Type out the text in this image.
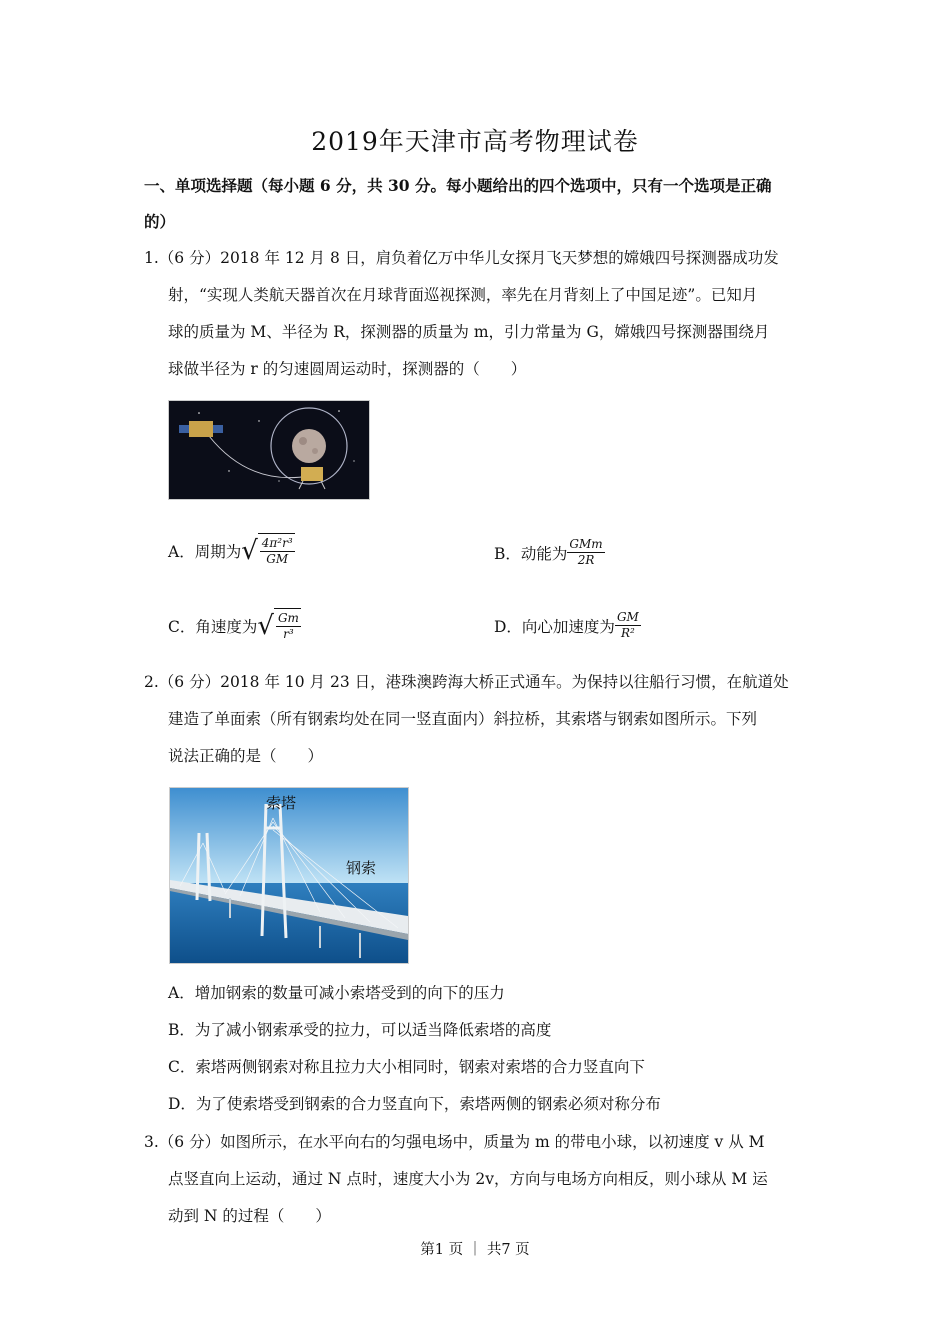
2019年天津市高考物理试卷
一、单项选择题（每小题 6 分，共 30 分。每小题给出的四个选项中，只有一个选项是正确
的）
1.（6 分）2018 年 12 月 8 日，肩负着亿万中华儿女探月飞天梦想的嫦娥四号探测器成功发
射，“实现人类航天器首次在月球背面巡视探测，率先在月背刻上了中国足迹”。已知月
球的质量为 M、半径为 R，探测器的质量为 m，引力常量为 G，嫦娥四号探测器围绕月
球做半径为 r 的匀速圆周运动时，探测器的（　　）
A．周期为 √ $\frac{\text{4π²r³}}{GM}$	B．动能为 $\frac{\text{GMm}}{2R}$
C．角速度为 √ $\frac{Gm}{\text{r³}}$	D．向心加速度为 $\frac{GM}{\text{R²}}$
2.（6 分）2018 年 10 月 23 日，港珠澳跨海大桥正式通车。为保持以往船行习惯，在航道处
建造了单面索（所有钢索均处在同一竖直面内）斜拉桥，其索塔与钢索如图所示。下列
说法正确的是（　　）
索塔
钢索
A．增加钢索的数量可减小索塔受到的向下的压力
B．为了减小钢索承受的拉力，可以适当降低索塔的高度
C．索塔两侧钢索对称且拉力大小相同时，钢索对索塔的合力竖直向下
D．为了使索塔受到钢索的合力竖直向下，索塔两侧的钢索必须对称分布
3.（6 分）如图所示，在水平向右的匀强电场中，质量为 m 的带电小球，以初速度 v 从 M
点竖直向上运动，通过 N 点时，速度大小为 2v，方向与电场方向相反，则小球从 M 运
动到 N 的过程（　　）
第1 页 ｜ 共7 页
